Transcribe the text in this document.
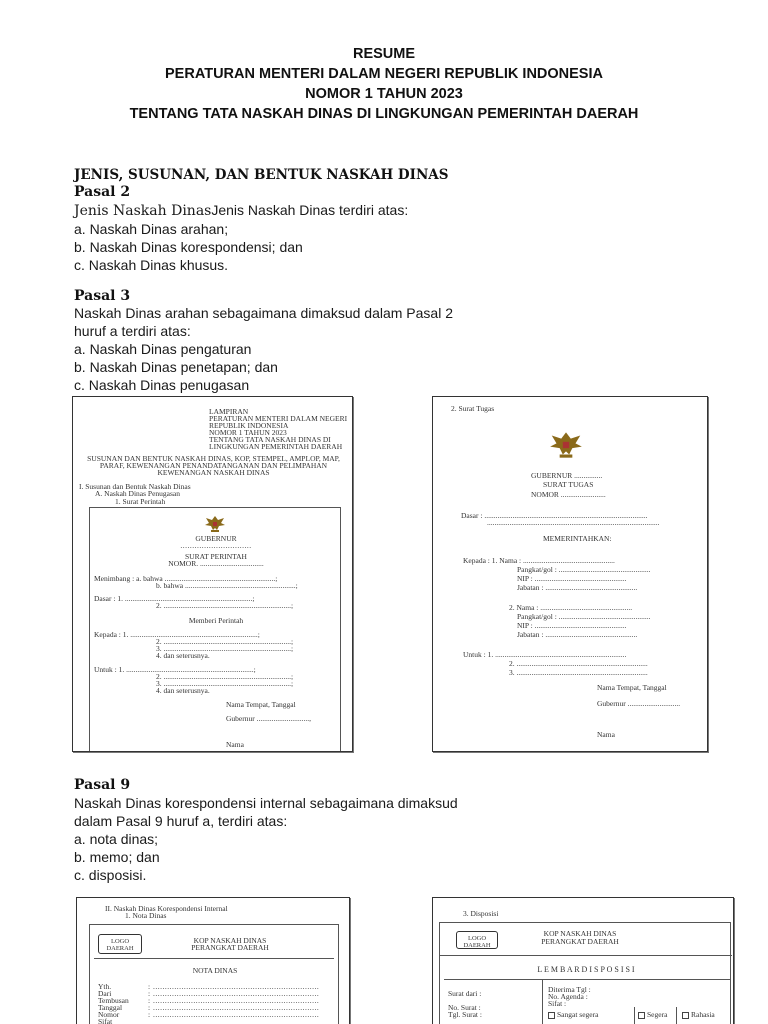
RESUME
PERATURAN MENTERI DALAM NEGERI REPUBLIK INDONESIA
NOMOR 1 TAHUN 2023
TENTANG TATA NASKAH DINAS DI LINGKUNGAN PEMERINTAH DAERAH
JENIS, SUSUNAN, DAN BENTUK NASKAH DINAS
Pasal 2
Jenis Naskah DinasJenis Naskah Dinas terdiri atas:
a. Naskah Dinas arahan;
b. Naskah Dinas korespondensi; dan
c. Naskah Dinas khusus.
Pasal 3
Naskah Dinas arahan sebagaimana dimaksud dalam Pasal 2
huruf a terdiri atas:
a. Naskah Dinas pengaturan
b. Naskah Dinas penetapan; dan
c. Naskah Dinas penugasan
LAMPIRAN
PERATURAN MENTERI DALAM NEGERI
REPUBLIK INDONESIA
NOMOR 1 TAHUN 2023
TENTANG TATA NASKAH DINAS DI
LINGKUNGAN PEMERINTAH DAERAH
SUSUNAN DAN BENTUK NASKAH DINAS, KOP, STEMPEL, AMPLOP, MAP,
PARAF, KEWENANGAN PENANDATANGANAN DAN PELIMPAHAN
KEWENANGAN NASKAH DINAS
I. Susunan dan Bentuk Naskah Dinas
A. Naskah Dinas Penugasan
1. Surat Perintah
GUBERNUR
..............................
SURAT PERINTAH
NOMOR. ..................................
Menimbang : a. bahwa ...........................................................;
b. bahwa ...........................................................;
Dasar : 1. ....................................................................;
2. ....................................................................;
Memberi Perintah
Kepada : 1. ....................................................................;
2. ....................................................................;
3. ....................................................................;
4. dan seterusnya.
Untuk : 1. ....................................................................;
2. ....................................................................;
3. ....................................................................;
4. dan seterusnya.
Nama Tempat, Tanggal
Gubernur ............................,
Nama
2. Surat Tugas
GUBERNUR ...............
SURAT TUGAS
NOMOR ........................
Dasar : .......................................................................................
............................................................................................
MEMERINTAHKAN:
Kepada : 1. Nama : .................................................
Pangkat/gol : .................................................
NIP : .................................................
Jabatan : .................................................
2. Nama : .................................................
Pangkat/gol : .................................................
NIP : .................................................
Jabatan : .................................................
Untuk : 1. ......................................................................
2. ......................................................................
3. ......................................................................
Nama Tempat, Tanggal
Gubernur ............................
Nama
Pasal 9
Naskah Dinas korespondensi internal sebagaimana dimaksud
dalam Pasal 9 huruf a, terdiri atas:
a. nota dinas;
b. memo; dan
c. disposisi.
II. Naskah Dinas Korespondensi Internal
1. Nota Dinas
LOGO
DAERAH
KOP NASKAH DINAS
PERANGKAT DAERAH
NOTA DINAS
Yth.
Dari
Tembusan
Tanggal
Nomor
Sifat
: ......................................................................
: ......................................................................
: ......................................................................
: ......................................................................
: ......................................................................
3. Disposisi
LOGO
DAERAH
KOP NASKAH DINAS
PERANGKAT DAERAH
L E M B A R D I S P O S I S I
Surat dari :
No. Surat :
Tgl. Surat :
Diterima Tgl :
No. Agenda :
Sifat :
Sangat segera	Segera	Rahasia
